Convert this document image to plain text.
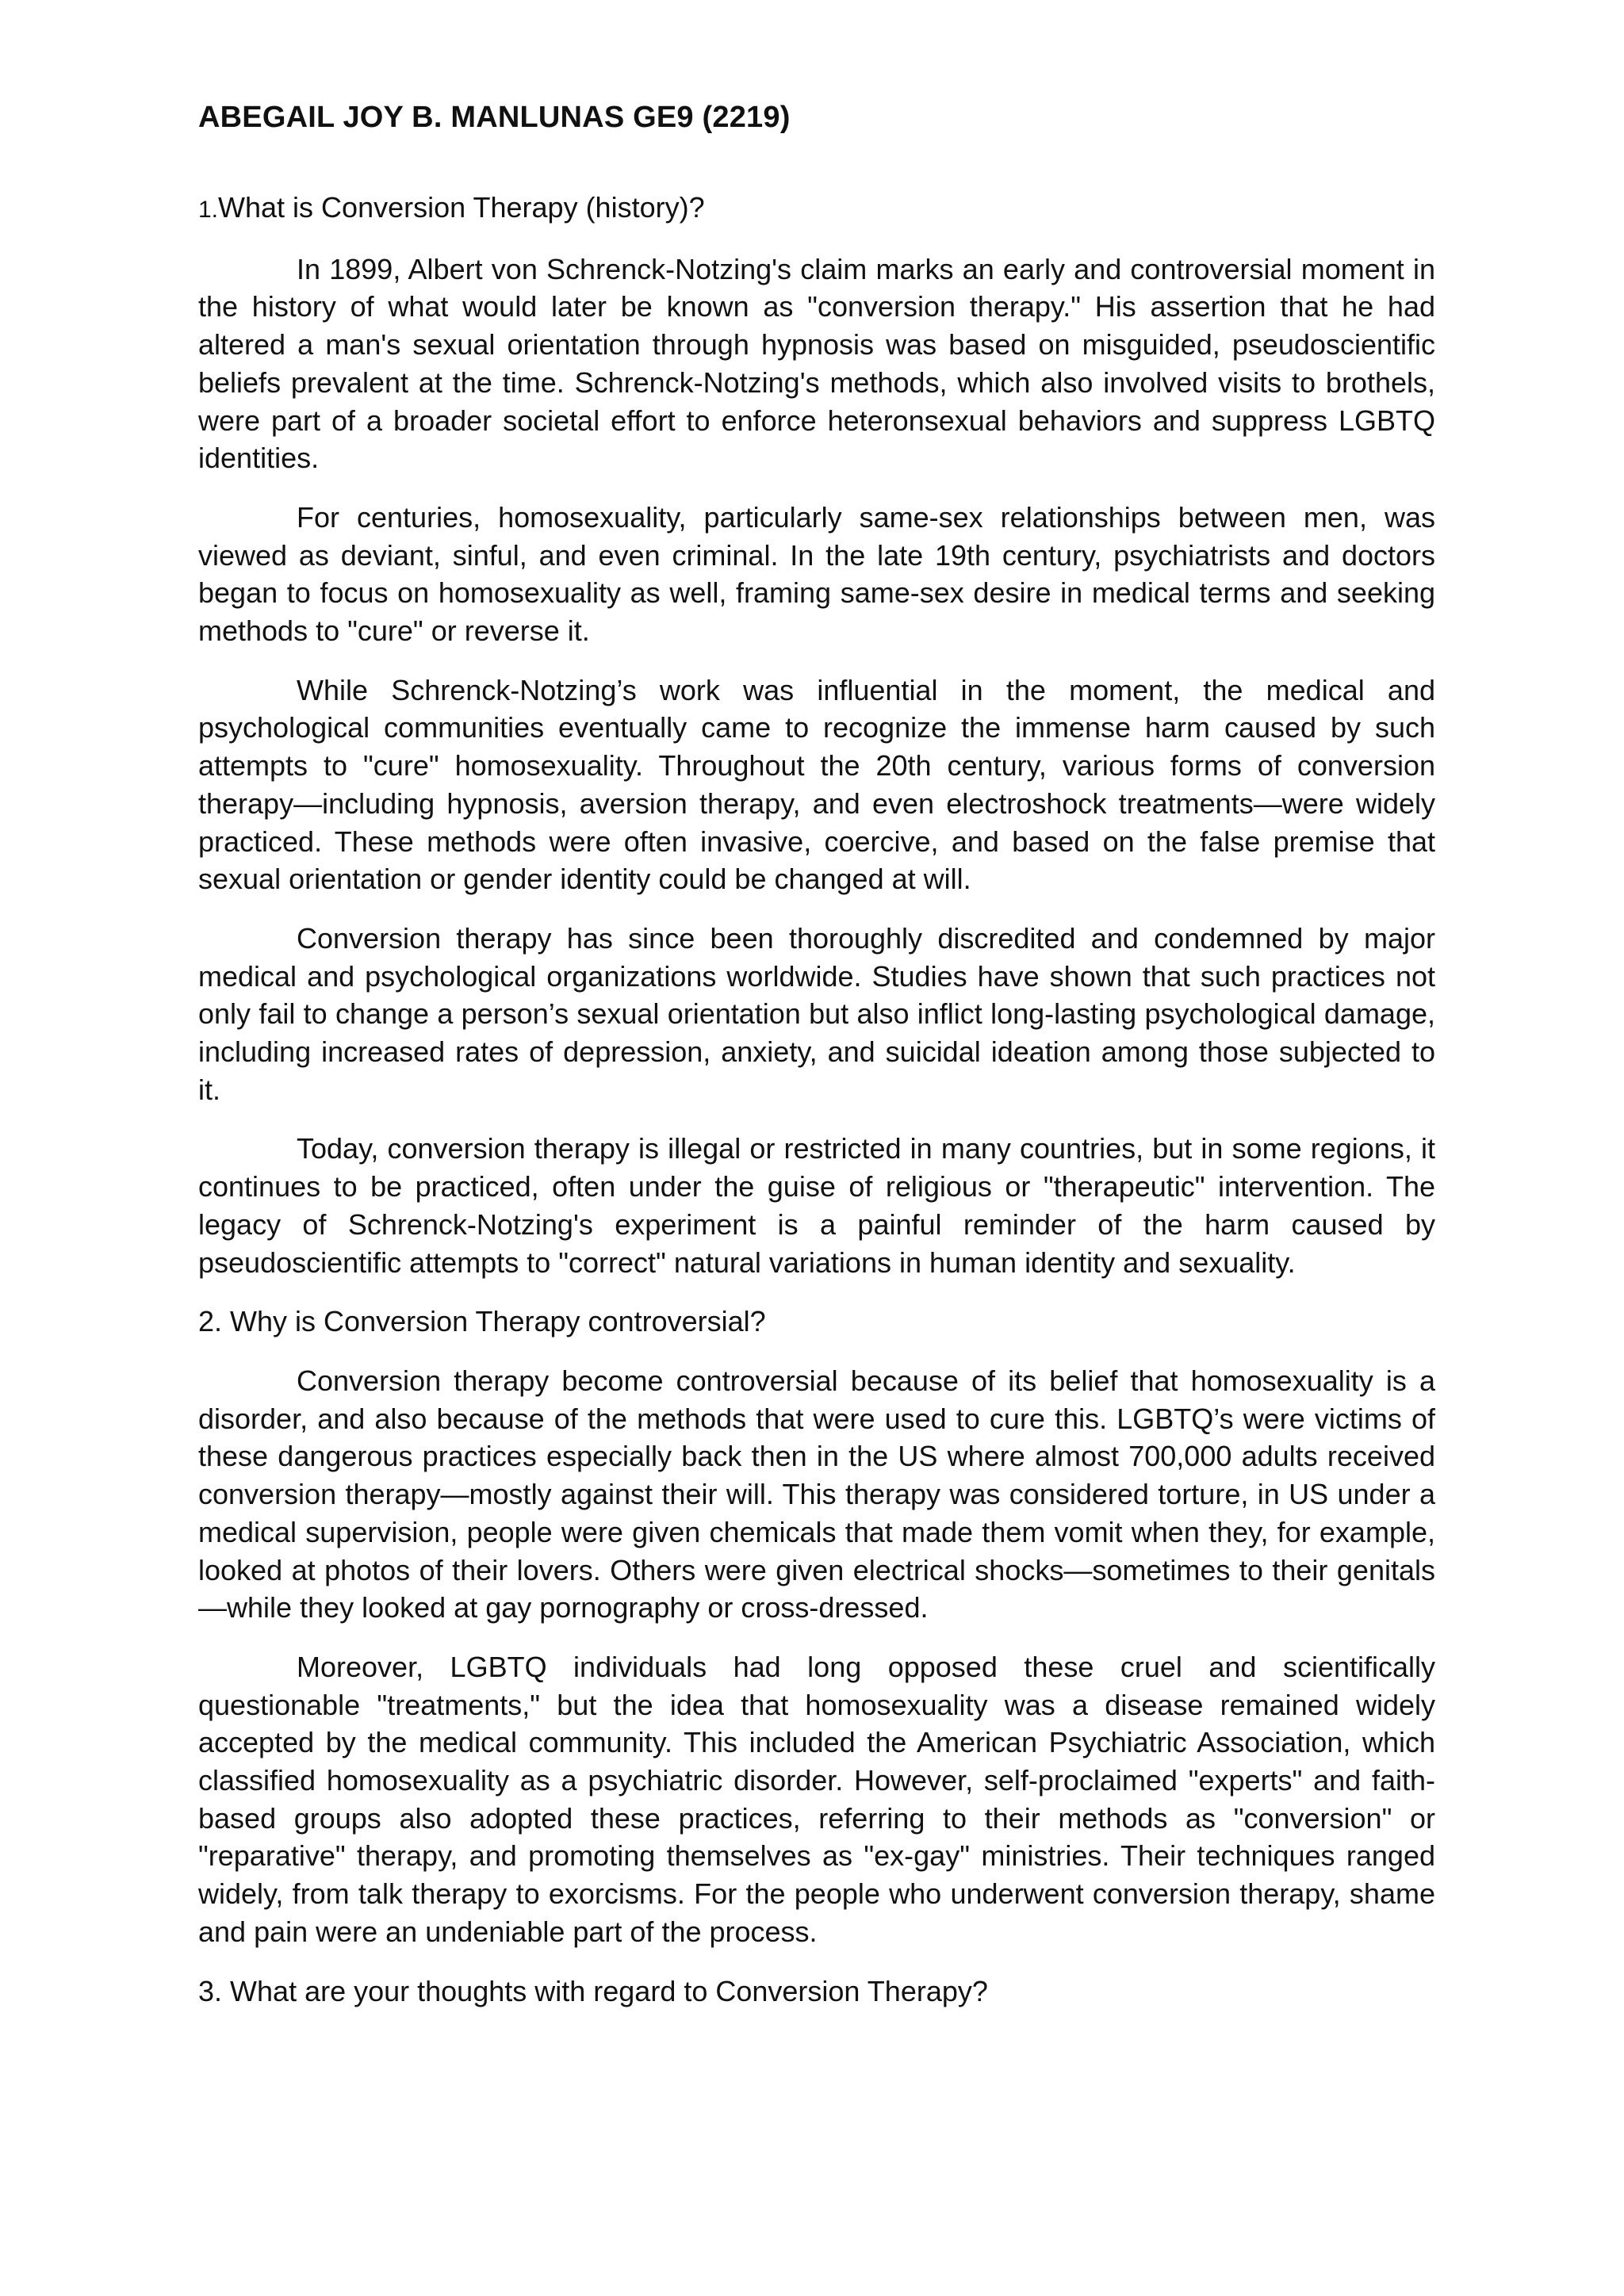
ABEGAIL JOY B. MANLUNAS GE9 (2219)
1.What is Conversion Therapy (history)?

In 1899, Albert von Schrenck-Notzing's claim marks an early and controversial moment in the history of what would later be known as "conversion therapy." His assertion that he had altered a man's sexual orientation through hypnosis was based on misguided, pseudoscientific beliefs prevalent at the time. Schrenck-Notzing's methods, which also involved visits to brothels, were part of a broader societal effort to enforce heteronsexual behaviors and suppress LGBTQ identities.

For centuries, homosexuality, particularly same-sex relationships between men, was viewed as deviant, sinful, and even criminal. In the late 19th century, psychiatrists and doctors began to focus on homosexuality as well, framing same-sex desire in medical terms and seeking methods to "cure" or reverse it.

While Schrenck-Notzing’s work was influential in the moment, the medical and psychological communities eventually came to recognize the immense harm caused by such attempts to "cure" homosexuality. Throughout the 20th century, various forms of conversion therapy—including hypnosis, aversion therapy, and even electroshock treatments—were widely practiced. These methods were often invasive, coercive, and based on the false premise that sexual orientation or gender identity could be changed at will.

Conversion therapy has since been thoroughly discredited and condemned by major medical and psychological organizations worldwide. Studies have shown that such practices not only fail to change a person’s sexual orientation but also inflict long-lasting psychological damage, including increased rates of depression, anxiety, and suicidal ideation among those subjected to it.

Today, conversion therapy is illegal or restricted in many countries, but in some regions, it continues to be practiced, often under the guise of religious or "therapeutic" intervention. The legacy of Schrenck-Notzing's experiment is a painful reminder of the harm caused by pseudoscientific attempts to "correct" natural variations in human identity and sexuality.

2. Why is Conversion Therapy controversial?

Conversion therapy become controversial because of its belief that homosexuality is a disorder, and also because of the methods that were used to cure this. LGBTQ’s were victims of these dangerous practices especially back then in the US where almost 700,000 adults received conversion therapy—mostly against their will. This therapy was considered torture, in US under a medical supervision, people were given chemicals that made them vomit when they, for example, looked at photos of their lovers. Others were given electrical shocks—sometimes to their genitals—while they looked at gay pornography or cross-dressed.

Moreover, LGBTQ individuals had long opposed these cruel and scientifically questionable "treatments," but the idea that homosexuality was a disease remained widely accepted by the medical community. This included the American Psychiatric Association, which classified homosexuality as a psychiatric disorder. However, self-proclaimed "experts" and faith-based groups also adopted these practices, referring to their methods as "conversion" or "reparative" therapy, and promoting themselves as "ex-gay" ministries. Their techniques ranged widely, from talk therapy to exorcisms. For the people who underwent conversion therapy, shame and pain were an undeniable part of the process.

3. What are your thoughts with regard to Conversion Therapy?
